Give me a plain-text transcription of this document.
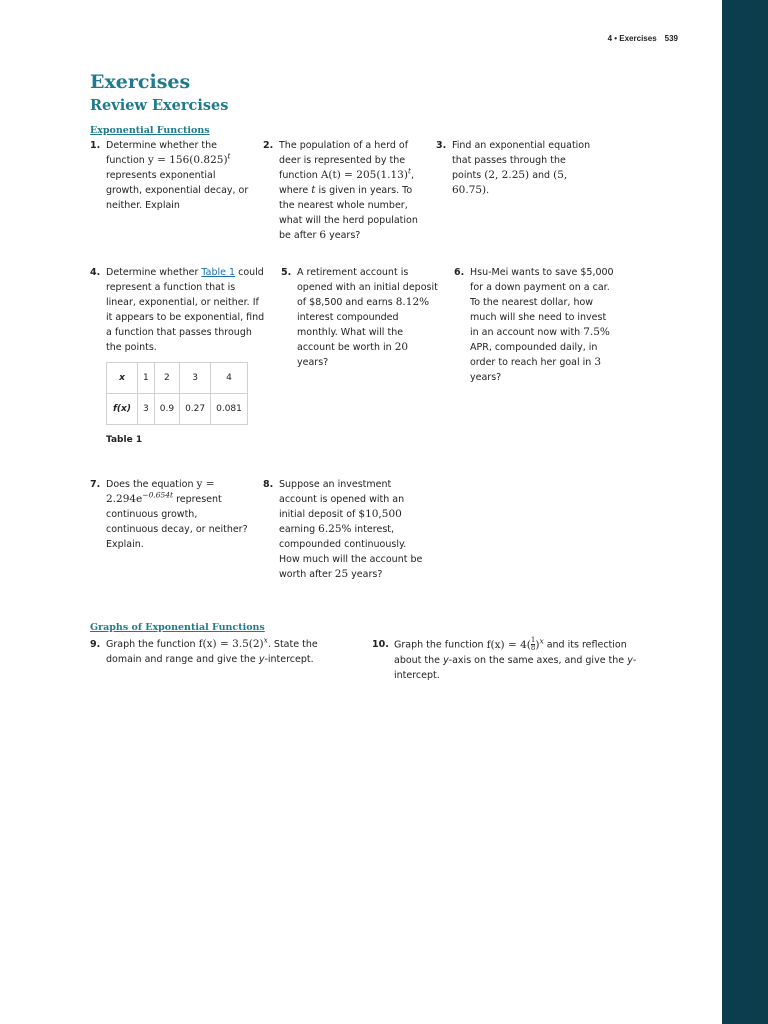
4 • Exercises 539
Exercises
Review Exercises
Exponential Functions
1. Determine whether the function $y = 156(0.825)^t$ represents exponential growth, exponential decay, or neither. Explain
2. The population of a herd of deer is represented by the function $A(t) = 205(1.13)^t$, where t is given in years. To the nearest whole number, what will the herd population be after 6 years?
3. Find an exponential equation that passes through the points (2, 2.25) and (5, 60.75).
4. Determine whether Table 1 could represent a function that is linear, exponential, or neither. If it appears to be exponential, find a function that passes through the points.
x	1	2	3	4
f(x)	3	0.9	0.27	0.081
Table 1
5. A retirement account is opened with an initial deposit of $8,500 and earns 8.12% interest compounded monthly. What will the account be worth in 20 years?
6. Hsu-Mei wants to save $5,000 for a down payment on a car. To the nearest dollar, how much will she need to invest in an account now with 7.5% APR, compounded daily, in order to reach her goal in 3 years?
7. Does the equation $y = 2.294e^{-0.654t}$ represent continuous growth, continuous decay, or neither? Explain.
8. Suppose an investment account is opened with an initial deposit of $10,500 earning 6.25% interest, compounded continuously. How much will the account be worth after 25 years?
Graphs of Exponential Functions
9. Graph the function $f(x) = 3.5(2)^x$. State the domain and range and give the y-intercept.
10. Graph the function $f(x) = 4(\frac{1}{8} )^x$ and its reflection about the y-axis on the same axes, and give the y-intercept.
